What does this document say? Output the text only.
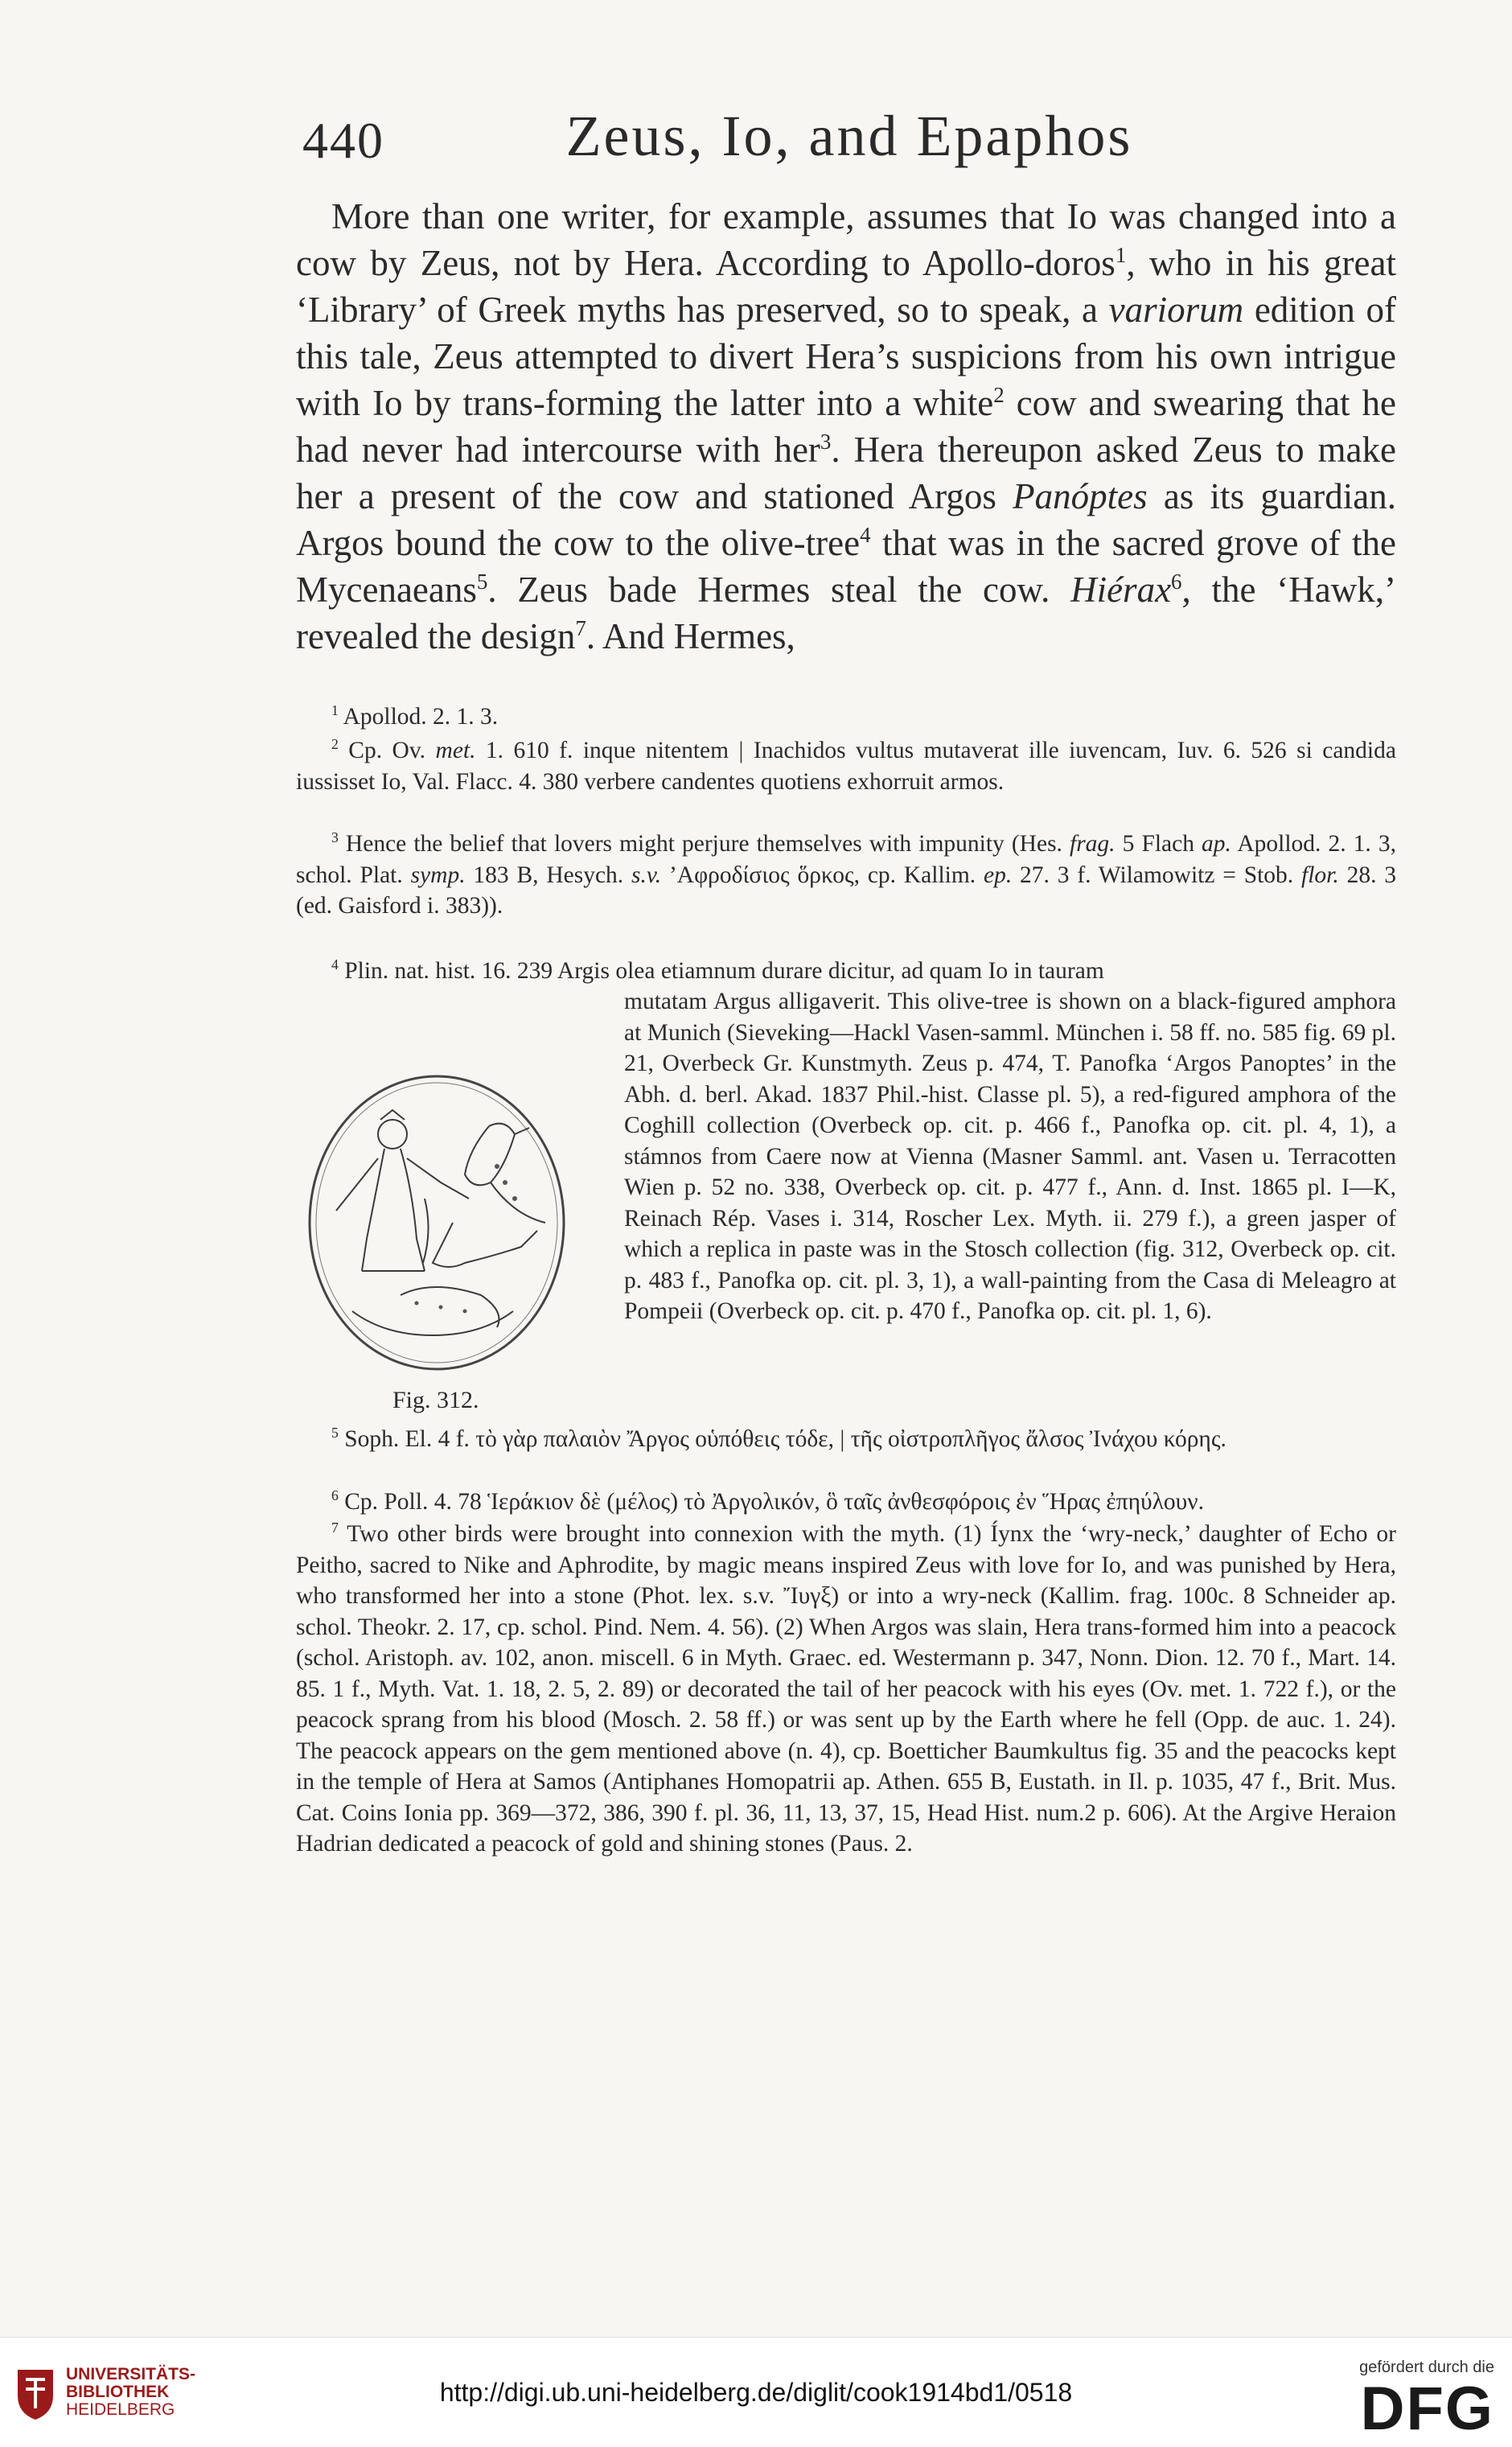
440	Zeus, Io, and Epaphos

More than one writer, for example, assumes that Io was changed into a cow by Zeus, not by Hera. According to Apollo-doros$^1$, who in his great ‘Library’ of Greek myths has preserved, so to speak, a variorum edition of this tale, Zeus attempted to divert Hera’s suspicions from his own intrigue with Io by trans-forming the latter into a white$^2$ cow and swearing that he had never had intercourse with her$^3$. Hera thereupon asked Zeus to make her a present of the cow and stationed Argos Panóptes as its guardian. Argos bound the cow to the olive-tree$^4$ that was in the sacred grove of the Mycenaeans$^5$. Zeus bade Hermes steal the cow. Hiérax$^6$, the ‘Hawk,’ revealed the design$^7$. And Hermes,

$^1$ Apollod. 2. 1. 3.

$^2$ Cp. Ov. met. 1. 610 f. inque nitentem | Inachidos vultus mutaverat ille iuvencam, Iuv. 6. 526 si candida iussisset Io, Val. Flacc. 4. 380 verbere candentes quotiens exhorruit armos.

$^3$ Hence the belief that lovers might perjure themselves with impunity (Hes. frag. 5 Flach ap. Apollod. 2. 1. 3, schol. Plat. symp. 183 B, Hesych. s.v. ’Αφροδίσιος ὅρκος, cp. Kallim. ep. 27. 3 f. Wilamowitz = Stob. flor. 28. 3 (ed. Gaisford i. 383)).

$^4$ Plin. nat. hist. 16. 239 Argis olea etiamnum durare dicitur, ad quam Io in tauram

mutatam Argus alligaverit. This olive-tree is shown on a black-figured amphora at Munich (Sieveking—Hackl Vasen-samml. München i. 58 ff. no. 585 fig. 69 pl. 21, Overbeck Gr. Kunstmyth. Zeus p. 474, T. Panofka ‘Argos Panoptes’ in the Abh. d. berl. Akad. 1837 Phil.-hist. Classe pl. 5), a red-figured amphora of the Coghill collection (Overbeck op. cit. p. 466 f., Panofka op. cit. pl. 4, 1), a stámnos from Caere now at Vienna (Masner Samml. ant. Vasen u. Terracotten Wien p. 52 no. 338, Overbeck op. cit. p. 477 f., Ann. d. Inst. 1865 pl. I—K, Reinach Rép. Vases i. 314, Roscher Lex. Myth. ii. 279 f.), a green jasper of which a replica in paste was in the Stosch collection (fig. 312, Overbeck op. cit. p. 483 f., Panofka op. cit. pl. 3, 1), a wall-painting from the Casa di Meleagro at Pompeii (Overbeck op. cit. p. 470 f., Panofka op. cit. pl. 1, 6).

Fig. 312.

$^5$ Soph. El. 4 f. τὸ γὰρ παλαιὸν Ἄργος οὑπόθεις τόδε, | τῆς οἰστροπλῆγος ἄλσος Ἰνάχου κόρης.

$^6$ Cp. Poll. 4. 78 Ἱεράκιον δὲ (μέλος) τὸ Ἀργολικόν, ὃ ταῖς ἀνθεσφόροις ἐν Ἥρας ἐπηύλουν.

$^7$ Two other birds were brought into connexion with the myth. (1) Íynx the ‘wry-neck,’ daughter of Echo or Peitho, sacred to Nike and Aphrodite, by magic means inspired Zeus with love for Io, and was punished by Hera, who transformed her into a stone (Phot. lex. s.v. Ἴυγξ) or into a wry-neck (Kallim. frag. 100c. 8 Schneider ap. schol. Theokr. 2. 17, cp. schol. Pind. Nem. 4. 56). (2) When Argos was slain, Hera trans-formed him into a peacock (schol. Aristoph. av. 102, anon. miscell. 6 in Myth. Graec. ed. Westermann p. 347, Nonn. Dion. 12. 70 f., Mart. 14. 85. 1 f., Myth. Vat. 1. 18, 2. 5, 2. 89) or decorated the tail of her peacock with his eyes (Ov. met. 1. 722 f.), or the peacock sprang from his blood (Mosch. 2. 58 ff.) or was sent up by the Earth where he fell (Opp. de auc. 1. 24). The peacock appears on the gem mentioned above (n. 4), cp. Boetticher Baumkultus fig. 35 and the peacocks kept in the temple of Hera at Samos (Antiphanes Homopatrii ap. Athen. 655 B, Eustath. in Il. p. 1035, 47 f., Brit. Mus. Cat. Coins Ionia pp. 369—372, 386, 390 f. pl. 36, 11, 13, 37, 15, Head Hist. num.2 p. 606). At the Argive Heraion Hadrian dedicated a peacock of gold and shining stones (Paus. 2.

UNIVERSITÄTS-
BIBLIOTHEK
HEIDELBERG
http://digi.ub.uni-heidelberg.de/diglit/cook1914bd1/0518
gefördert durch die
DFG
